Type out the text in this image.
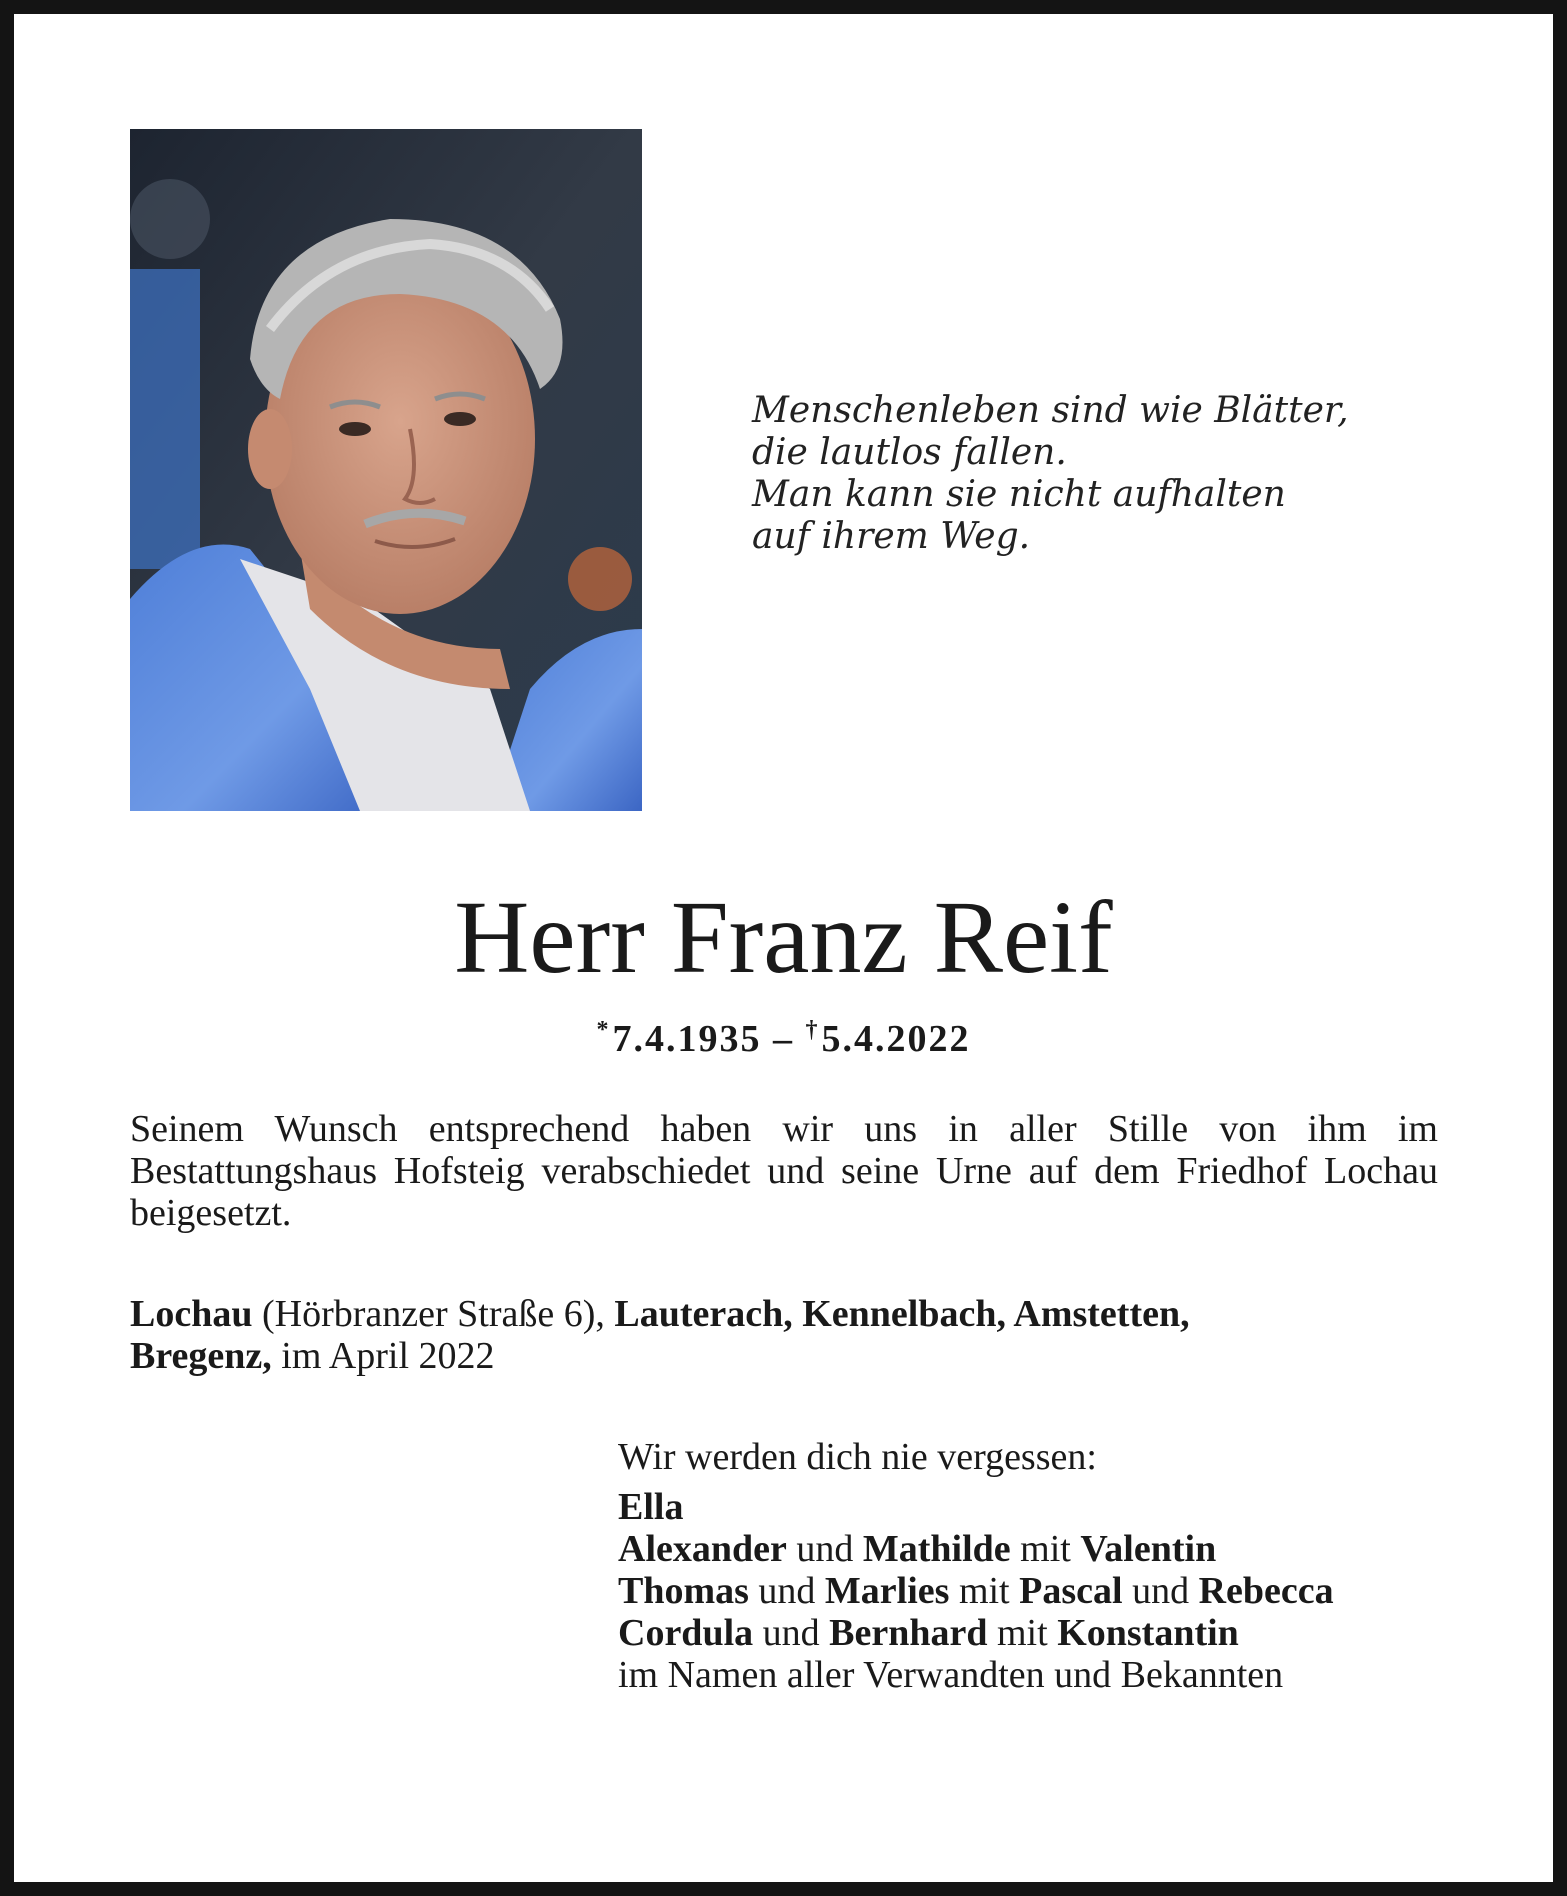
Menschenleben sind wie Blätter,
die lautlos fallen.
Man kann sie nicht aufhalten
auf ihrem Weg.
Herr Franz Reif
*7.4.1935 – †5.4.2022
Seinem Wunsch entsprechend haben wir uns in aller Stille von ihm im Bestattungshaus Hofsteig verabschiedet und seine Urne auf dem Friedhof Lochau beigesetzt.
Lochau (Hörbranzer Straße 6), Lauterach, Kennelbach, Amstetten,
Bregenz, im April 2022
Wir werden dich nie vergessen:
Ella
Alexander und Mathilde mit Valentin
Thomas und Marlies mit Pascal und Rebecca
Cordula und Bernhard mit Konstantin
im Namen aller Verwandten und Bekannten
